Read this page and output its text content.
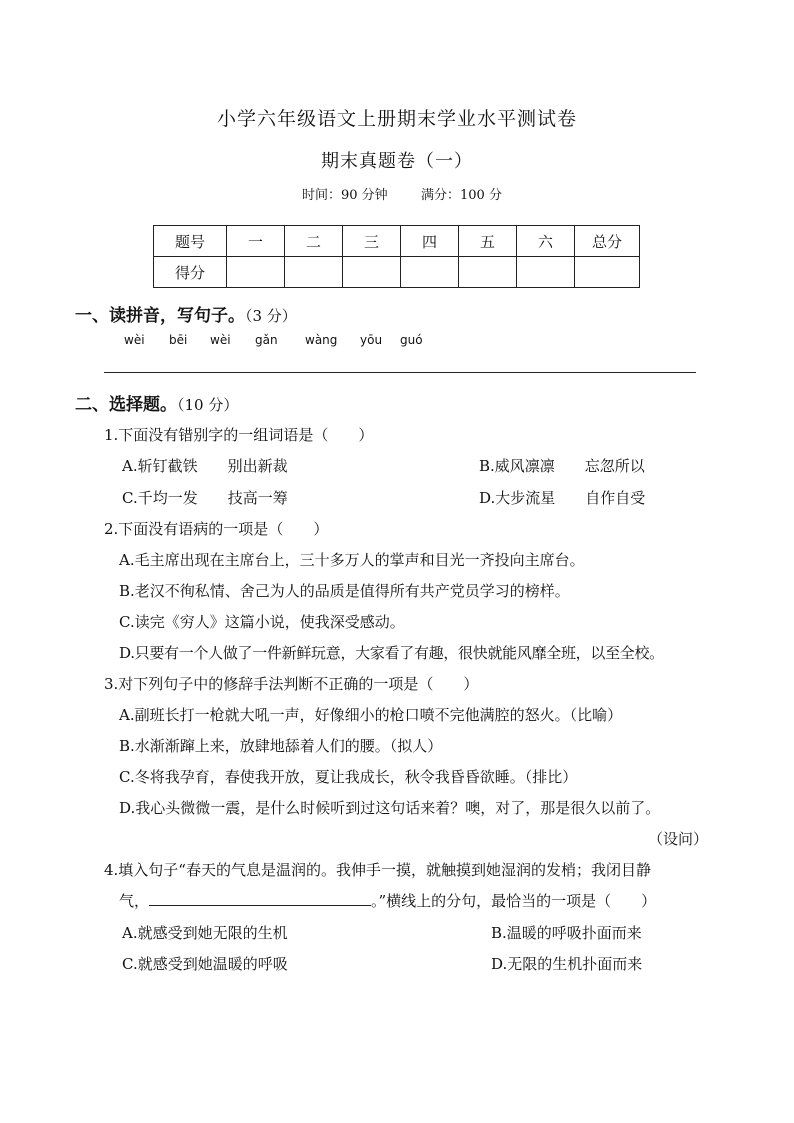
小学六年级语文上册期末学业水平测试卷
期末真题卷（一）
时间：90 分钟	满分：100 分
题号	一	二	三	四	五	六	总分
得分							
一、读拼音，写句子。（3 分）
wèi bēi wèi gǎn wàng yōu guó
二、选择题。（10 分）
1.下面没有错别字的一组词语是（　　）
A.斩钉截铁　　别出新裁	B.威风凛凛　　忘忽所以
C.千均一发　　技高一筹	D.大步流星　　自作自受
2.下面没有语病的一项是（　　）
A.毛主席出现在主席台上，三十多万人的掌声和目光一齐投向主席台。
B.老汉不徇私情、舍己为人的品质是值得所有共产党员学习的榜样。
C.读完《穷人》这篇小说，使我深受感动。
D.只要有一个人做了一件新鲜玩意，大家看了有趣，很快就能风靡全班，以至全校。
3.对下列句子中的修辞手法判断不正确的一项是（　　）
A.副班长打一枪就大吼一声，好像细小的枪口喷不完他满腔的怒火。（比喻）
B.水渐渐蹿上来，放肆地舔着人们的腰。（拟人）
C.冬将我孕育，春使我开放，夏让我成长，秋令我昏昏欲睡。（排比）
D.我心头微微一震，是什么时候听到过这句话来着？噢，对了，那是很久以前了。
（设问）
4.填入句子“春天的气息是温润的。我伸手一摸，就触摸到她湿润的发梢；我闭目静
气，	。”横线上的分句，最恰当的一项是（　　）
A.就感受到她无限的生机	B.温暖的呼吸扑面而来
C.就感受到她温暖的呼吸	D.无限的生机扑面而来
